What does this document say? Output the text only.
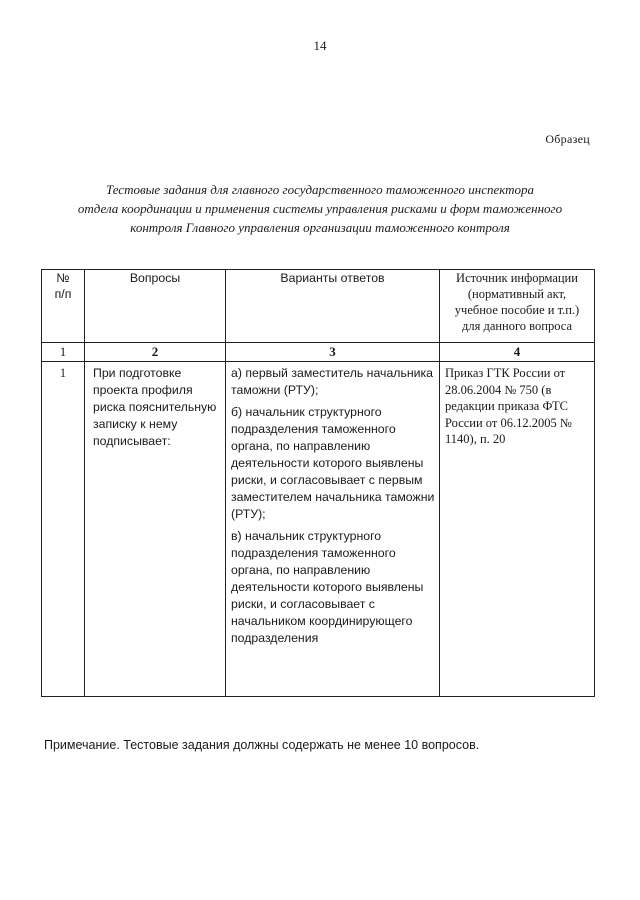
14
Образец
Тестовые задания для главного государственного таможенного инспектора
отдела координации и применения системы управления рисками и форм таможенного
контроля Главного управления организации таможенного контроля
№
п/п	Вопросы	Варианты ответов	Источник информации
(нормативный акт,
учебное пособие и т.п.)
для данного вопроса
1	2	3	4
1	При подготовке проекта профиля риска пояснительную записку к нему подписывает:	а) первый заместитель начальника таможни (РТУ);
б) начальник структурного подразделения таможенного органа, по направлению деятельности которого выявлены риски, и согласовывает с первым заместителем начальника таможни (РТУ);
в) начальник структурного подразделения таможенного органа, по направлению деятельности которого выявлены риски, и согласовывает с начальником координирующего подразделения	Приказ ГТК России от 28.06.2004 № 750 (в редакции приказа ФТС России от 06.12.2005 № 1140), п. 20
Примечание. Тестовые задания должны содержать не менее 10 вопросов.
